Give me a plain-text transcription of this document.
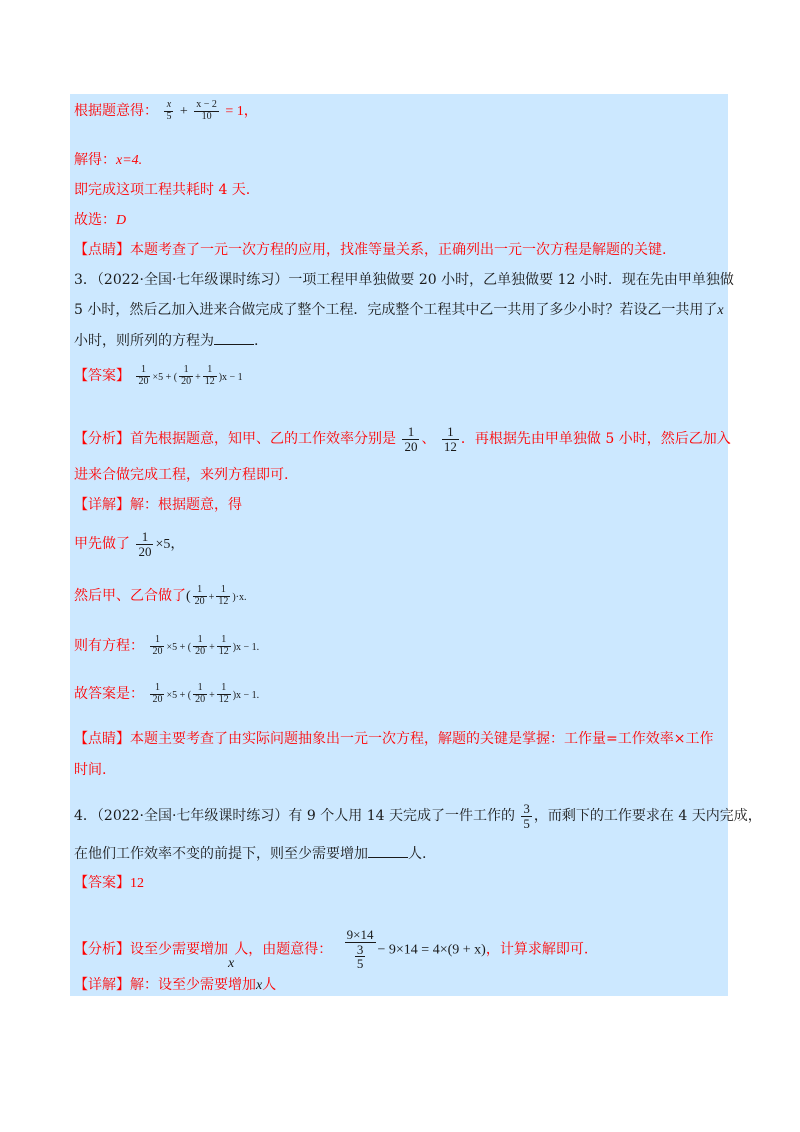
根据题意得： $\frac{x}{5} + \frac{x - 2}{10} = 1$，
解得：x=4.
即完成这项工程共耗时 4 天.
故选：D
【点睛】本题考查了一元一次方程的应用，找准等量关系，正确列出一元一次方程是解题的关键.
3．（2022·全国·七年级课时练习）一项工程甲单独做要 20 小时，乙单独做要 12 小时．现在先由甲单独做
5 小时，然后乙加入进来合做完成了整个工程．完成整个工程其中乙一共用了多少小时？若设乙一共用了x
小时，则所列的方程为	.
【答案】 $\frac{1}{20} \times 5$ + ( $\frac{1}{20} + \frac{1}{12} )x - 1$
【分析】首先根据题意，知甲、乙的工作效率分别是 $\frac{1}{20}$ 、 $\frac{1}{12}$ ．再根据先由甲单独做 5 小时，然后乙加入
进来合做完成工程，来列方程即可.
【详解】解：根据题意，得
甲先做了 $\frac{1}{20} \times 5$，
然后甲、乙合做了( $\frac{1}{20} + \frac{1}{12} )\cdot x$.
则有方程： $\frac{1}{20} \times 5$ + ( $\frac{1}{20} + \frac{1}{12} )x - 1$.
故答案是： $\frac{1}{20} \times 5$ + ( $\frac{1}{20} + \frac{1}{12} )x - 1$.
【点睛】本题主要考查了由实际问题抽象出一元一次方程，解题的关键是掌握：工作量=工作效率×工作
时间.
4．（2022·全国·七年级课时练习）有 9 个人用 14 天完成了一件工作的 $\frac{3}{5}$ ，而剩下的工作要求在 4 天内完成，
在他们工作效率不变的前提下，则至少需要增加	人.
【答案】12
【分析】设至少需要增加x人，由题意得： $\frac{9\times 14}{\frac{3}{5}} - 9\times 14 = 4\times(9 + x)$，计算求解即可.
【详解】解：设至少需要增加x人
